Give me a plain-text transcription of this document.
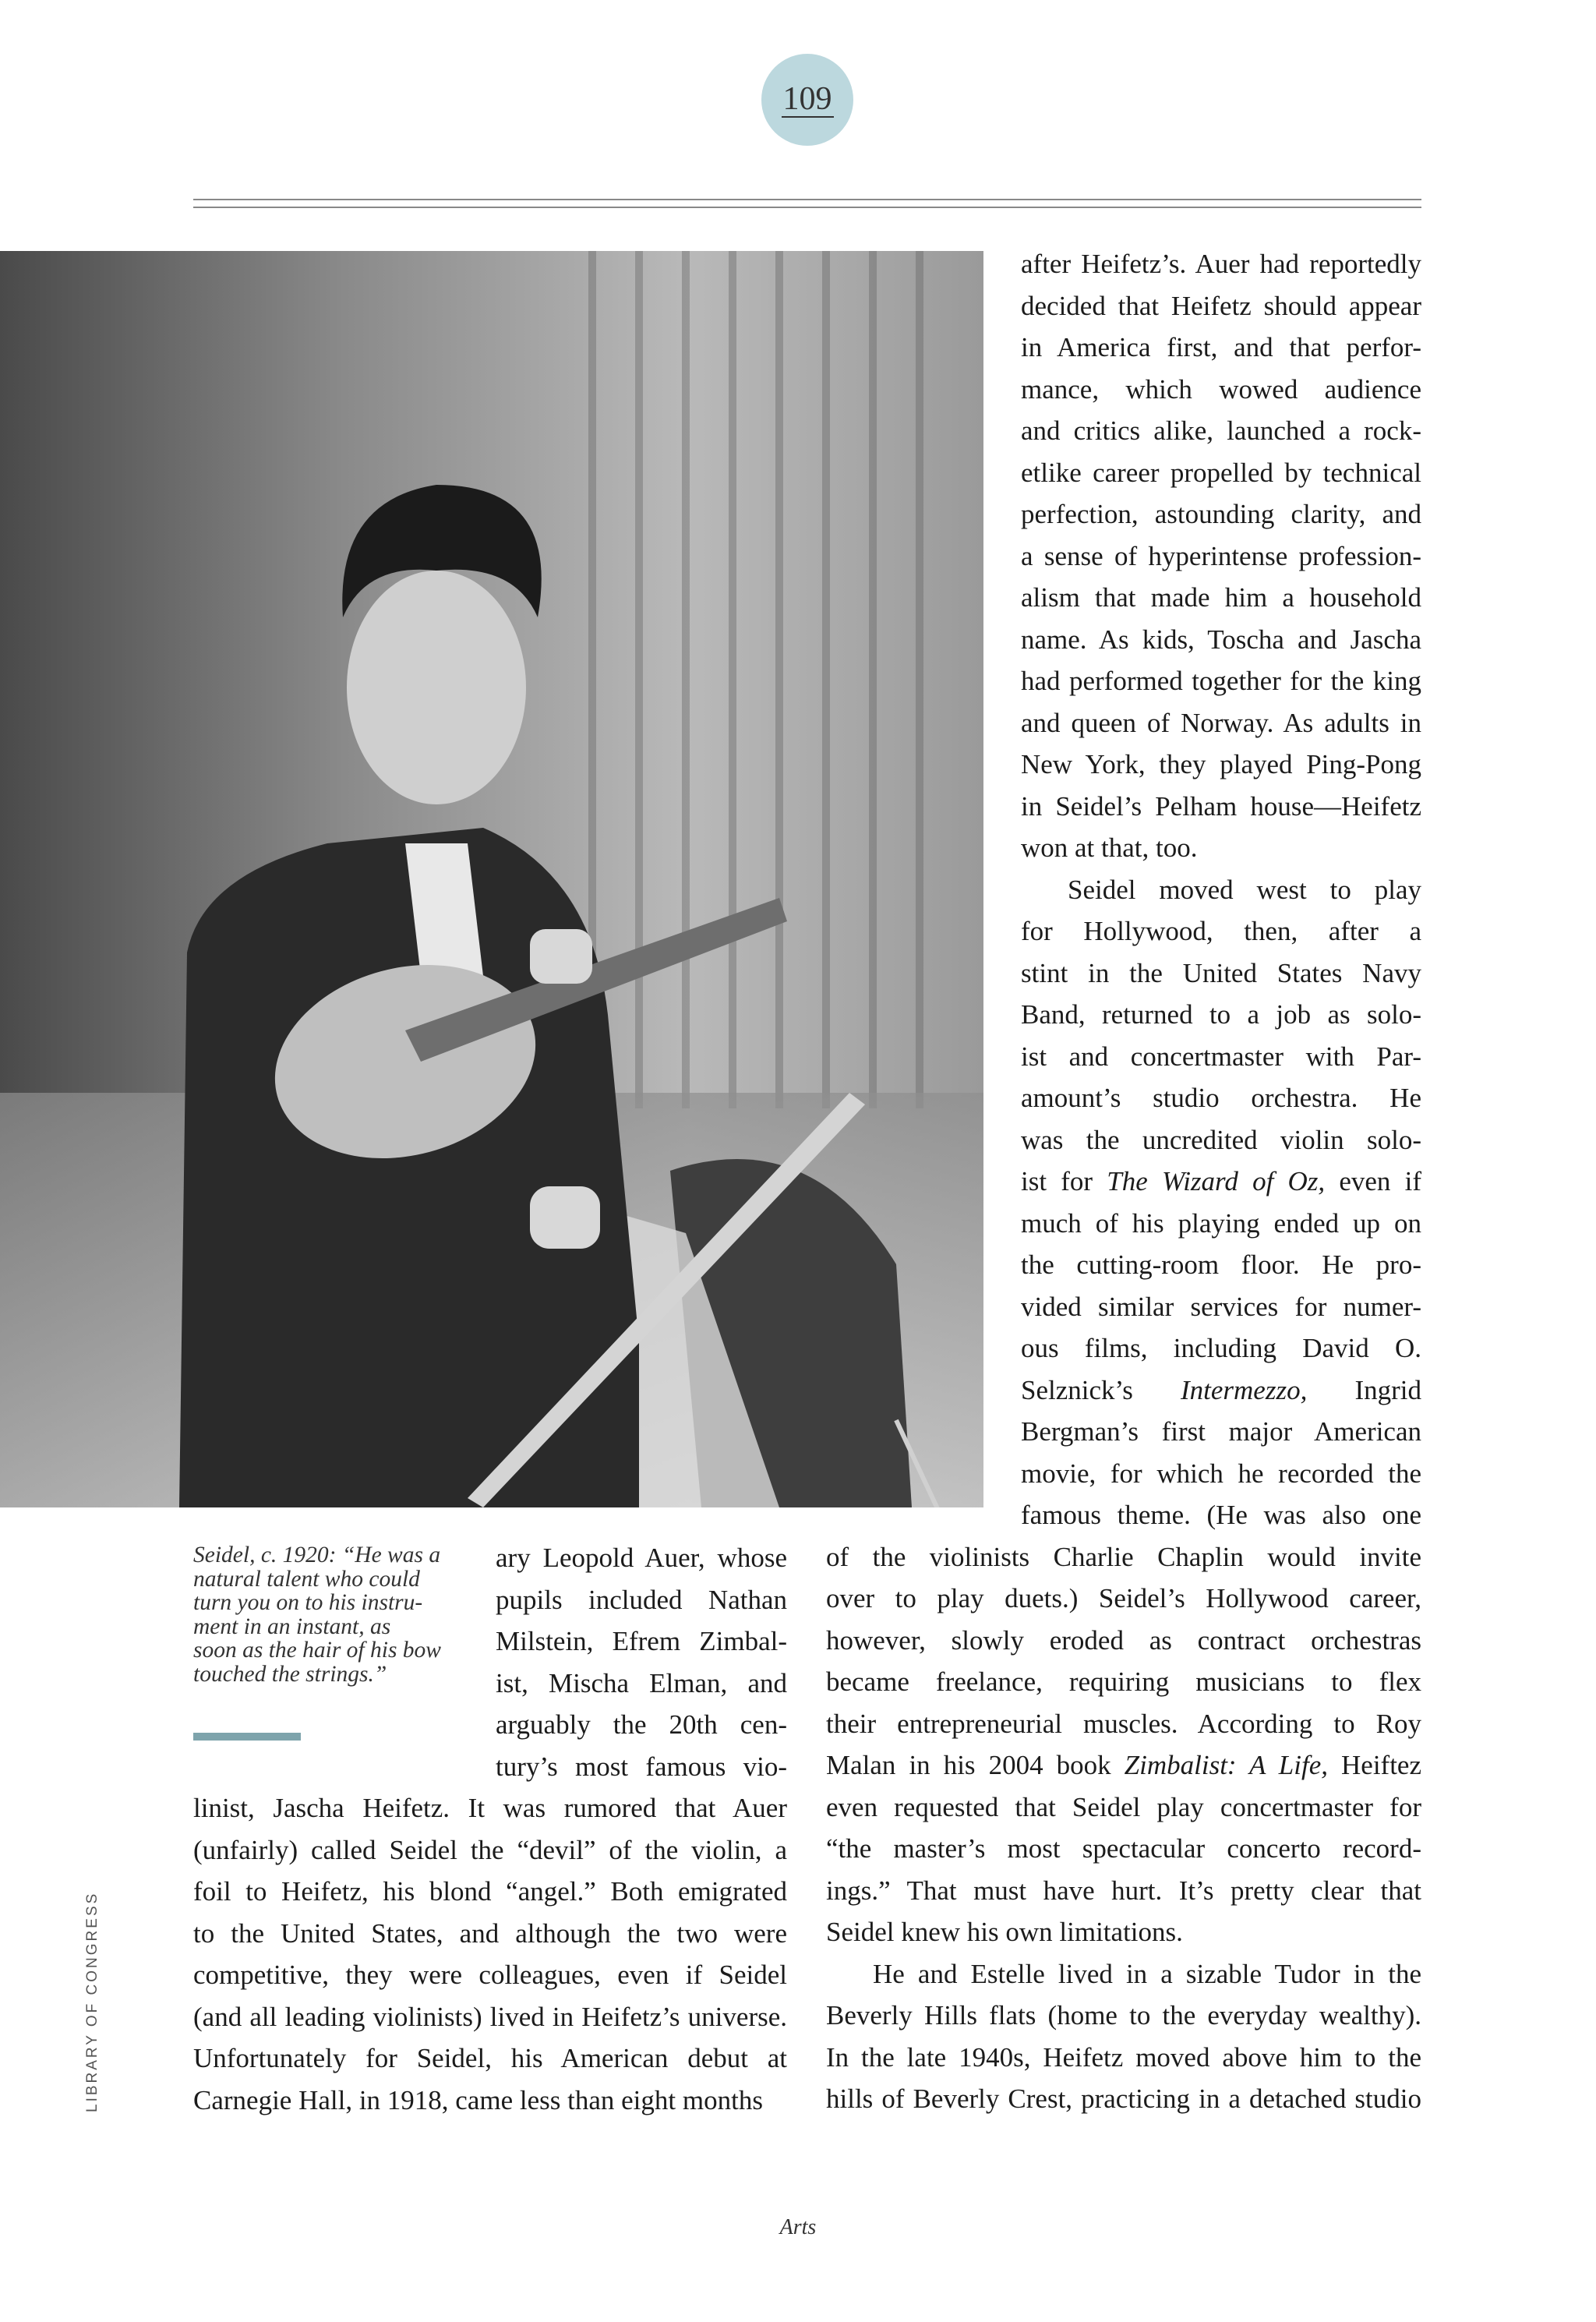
109
LIBRARY OF CONGRESS
Seidel, c. 1920: “He was a
natural talent who could
turn you on to his instru-
ment in an instant, as
soon as the hair of his bow
touched the strings.”
ary Leopold Auer, whose
pupils included Nathan
Milstein, Efrem Zimbal-
ist, Mischa Elman, and
arguably the 20th cen-
tury’s most famous vio-
linist, Jascha Heifetz. It was rumored that Auer
(unfairly) called Seidel the “devil” of the violin, a
foil to Heifetz, his blond “angel.” Both emigrated
to the United States, and although the two were
competitive, they were colleagues, even if Seidel
(and all leading violinists) lived in Heifetz’s universe.
Unfortunately for Seidel, his American debut at
Carnegie Hall, in 1918, came less than eight months
after Heifetz’s. Auer had reportedly
decided that Heifetz should appear
in America first, and that perfor-
mance, which wowed audience
and critics alike, launched a rock-
etlike career propelled by technical
perfection, astounding clarity, and
a sense of hyperintense profession-
alism that made him a household
name. As kids, Toscha and Jascha
had performed together for the king
and queen of Norway. As adults in
New York, they played Ping-Pong
in Seidel’s Pelham house—Heifetz
won at that, too.
Seidel moved west to play
for Hollywood, then, after a
stint in the United States Navy
Band, returned to a job as solo-
ist and concertmaster with Par-
amount’s studio orchestra. He
was the uncredited violin solo-
ist for The Wizard of Oz, even if
much of his playing ended up on
the cutting-room floor. He pro-
vided similar services for numer-
ous films, including David O.
Selznick’s Intermezzo, Ingrid
Bergman’s first major American
movie, for which he recorded the
famous theme. (He was also one
of the violinists Charlie Chaplin would invite
over to play duets.) Seidel’s Hollywood career,
however, slowly eroded as contract orchestras
became freelance, requiring musicians to flex
their entrepreneurial muscles. According to Roy
Malan in his 2004 book Zimbalist: A Life, Heiftez
even requested that Seidel play concertmaster for
“the master’s most spectacular concerto record-
ings.” That must have hurt. It’s pretty clear that
Seidel knew his own limitations.
He and Estelle lived in a sizable Tudor in the
Beverly Hills flats (home to the everyday wealthy).
In the late 1940s, Heifetz moved above him to the
hills of Beverly Crest, practicing in a detached studio
Arts
